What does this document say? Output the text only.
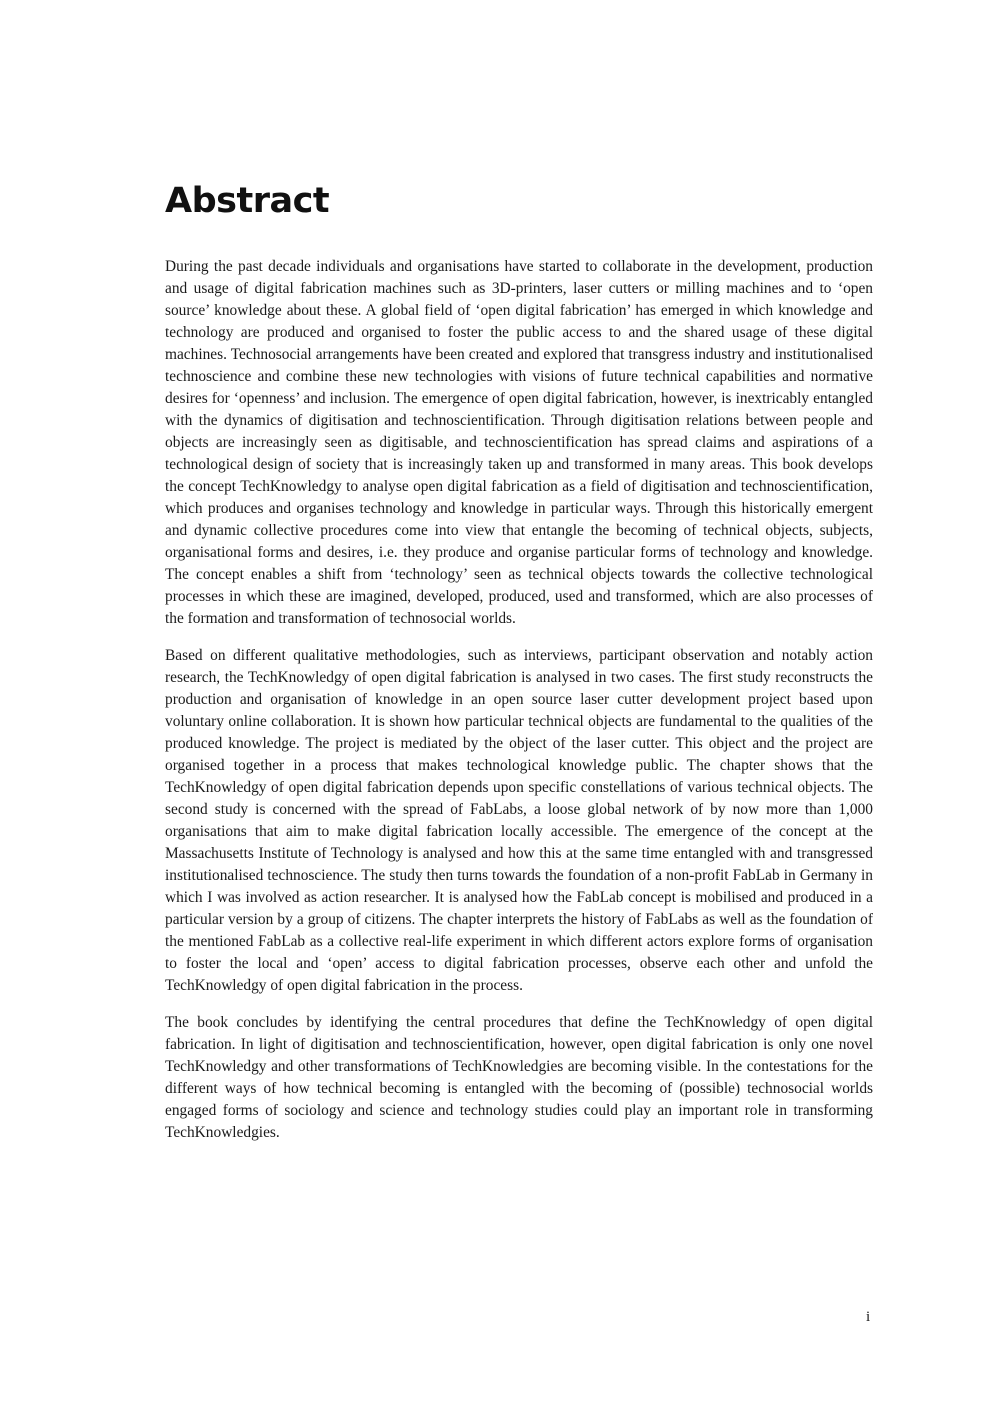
Abstract

During the past decade individuals and organisations have started to collaborate in the development, production and usage of digital fabrication machines such as 3D-printers, laser cutters or milling machines and to ‘open source’ knowledge about these. A global field of ‘open digital fabrication’ has emerged in which knowledge and technology are produced and organised to foster the public access to and the shared usage of these digital machines. Technosocial arrangements have been created and explored that transgress industry and institutionalised technoscience and combine these new technologies with visions of future technical capabilities and normative desires for ‘openness’ and inclusion. The emergence of open digital fabrication, however, is inextricably entangled with the dynamics of digitisation and technoscientification. Through digitisation relations between people and objects are increasingly seen as digitisable, and technoscientification has spread claims and aspirations of a technological design of society that is increasingly taken up and transformed in many areas. This book develops the concept TechKnowledgy to analyse open digital fabrication as a field of digitisation and technoscientification, which produces and organises technology and knowledge in particular ways. Through this historically emergent and dynamic collective procedures come into view that entangle the becoming of technical objects, subjects, organisational forms and desires, i.e. they produce and organise particular forms of technology and knowledge. The concept enables a shift from ‘technology’ seen as technical objects towards the collective technological processes in which these are imagined, developed, produced, used and transformed, which are also processes of the formation and transformation of technosocial worlds.

Based on different qualitative methodologies, such as interviews, participant observation and notably action research, the TechKnowledgy of open digital fabrication is analysed in two cases. The first study reconstructs the production and organisation of knowledge in an open source laser cutter development project based upon voluntary online collaboration. It is shown how particular technical objects are fundamental to the qualities of the produced knowledge. The project is mediated by the object of the laser cutter. This object and the project are organised together in a process that makes technological knowledge public. The chapter shows that the TechKnowledgy of open digital fabrication depends upon specific constellations of various technical objects. The second study is concerned with the spread of FabLabs, a loose global network of by now more than 1,000 organisations that aim to make digital fabrication locally accessible. The emergence of the concept at the Massachusetts Institute of Technology is analysed and how this at the same time entangled with and transgressed institutionalised technoscience. The study then turns towards the foundation of a non-profit FabLab in Germany in which I was involved as action researcher. It is analysed how the FabLab concept is mobilised and produced in a particular version by a group of citizens. The chapter interprets the history of FabLabs as well as the foundation of the mentioned FabLab as a collective real-life experiment in which different actors explore forms of organisation to foster the local and ‘open’ access to digital fabrication processes, observe each other and unfold the TechKnowledgy of open digital fabrication in the process.

The book concludes by identifying the central procedures that define the TechKnowledgy of open digital fabrication. In light of digitisation and technoscientification, however, open digital fabrication is only one novel TechKnowledgy and other transformations of TechKnowledgies are becoming visible. In the contestations for the different ways of how technical becoming is entangled with the becoming of (possible) technosocial worlds engaged forms of sociology and science and technology studies could play an important role in transforming TechKnowledgies.

i
